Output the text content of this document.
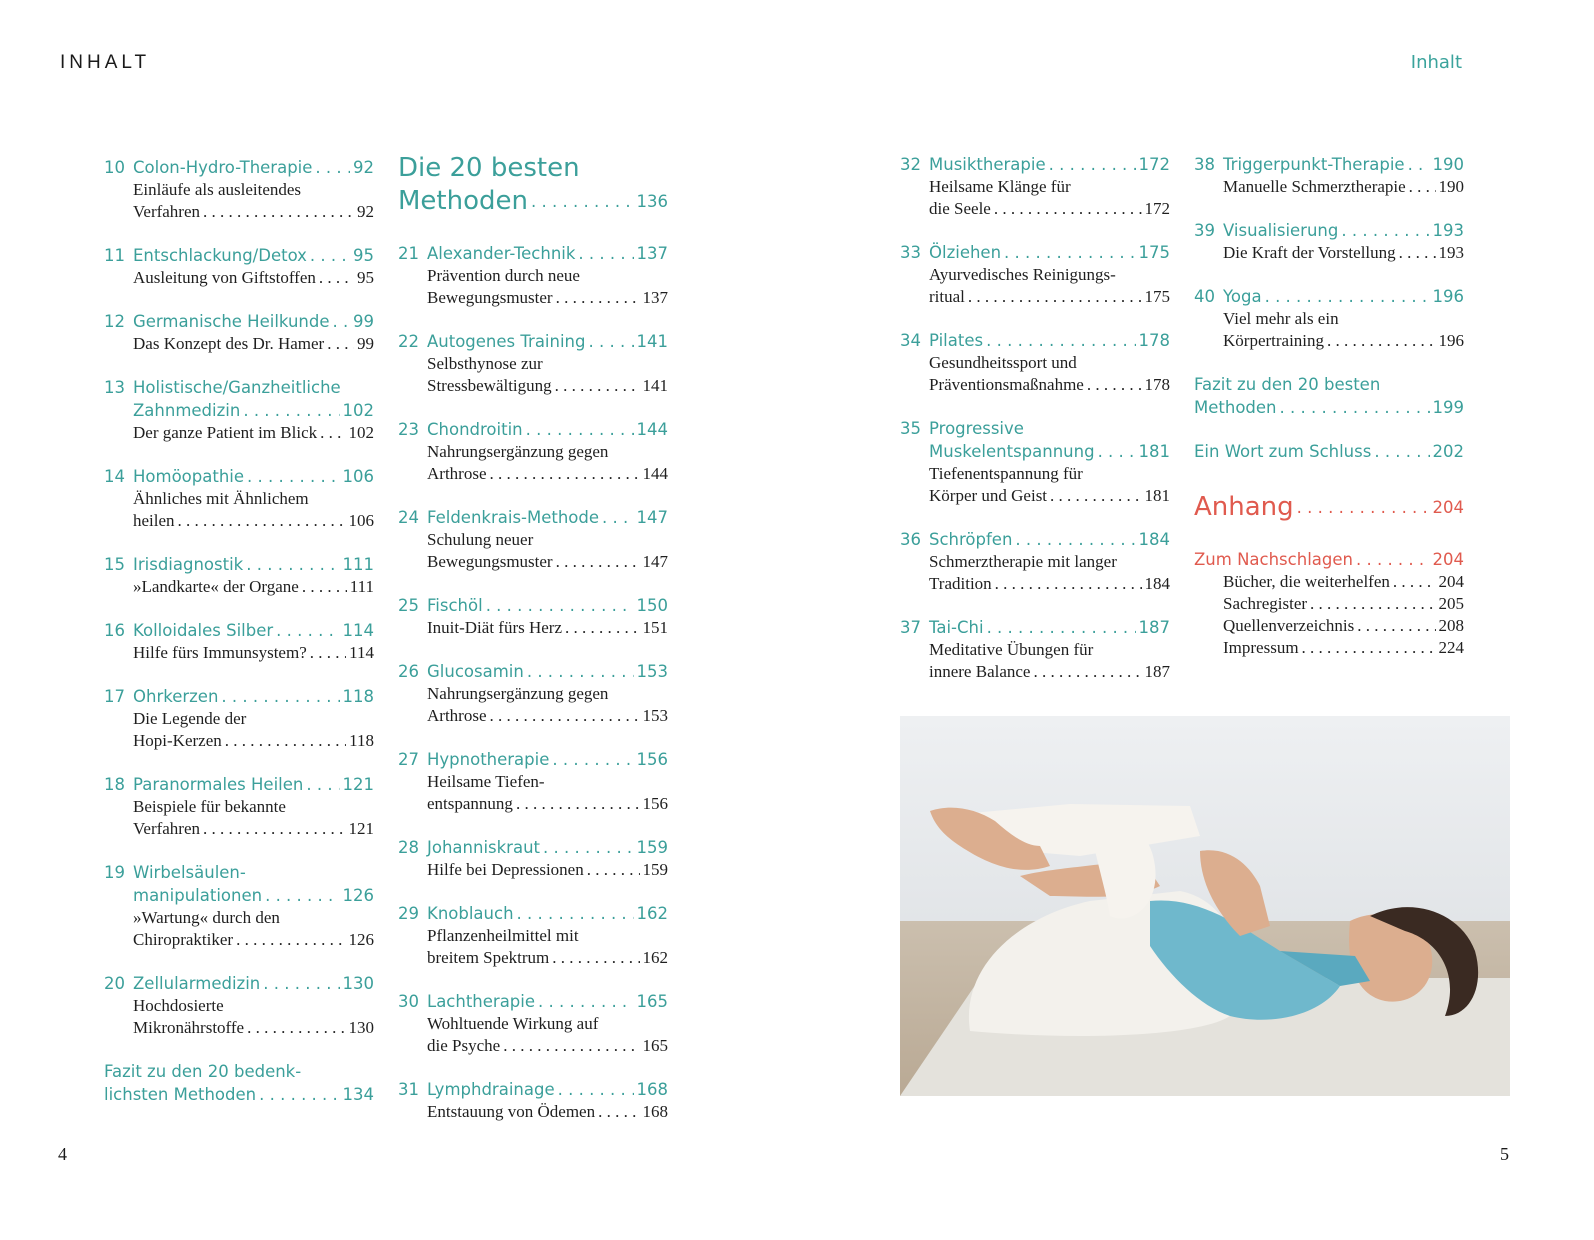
INHALT	Inhalt
10 Colon-Hydro-Therapie . . . 92
Einläufe als ausleitendes
Verfahren . . .	92
11 Entschlackung/Detox . . .	95
Ausleitung von Giftstoffen . . . 95
12 Germanische Heilkunde . . . 99
Das Konzept des Dr. Hamer . . . 99
13 Holistische/Ganzheitliche
Zahnmedizin . . .	102
Der ganze Patient im Blick . . . 102
14 Homöopathie . . .	106
Ähnliches mit Ähnlichem
heilen . . .	106
15 Irisdiagnostik . . .	111
»Landkarte« der Organe . . .	111
16 Kolloidales Silber . . .	114
Hilfe fürs Immunsystem? . . . 114
17 Ohrkerzen . . .	118
Die Legende der
Hopi-Kerzen . . .	118
18 Paranormales Heilen . . . 121
Beispiele für bekannte
Verfahren . . .	121
19 Wirbelsäulen-
manipulationen . . .	126
»Wartung« durch den
Chiropraktiker . . .	126
20 Zellularmedizin . . .	130
Hochdosierte
Mikronährstoffe . . .	130
Fazit zu den 20 bedenk-
lichsten Methoden . . .	134
Die 20 besten
Methoden . . .	136
21 Alexander-Technik . . .	137
Prävention durch neue
Bewegungsmuster . . .	137
22 Autogenes Training . . .	141
Selbsthynose zur
Stressbewältigung . . .	141
23 Chondroitin . . .	144
Nahrungsergänzung gegen
Arthrose . . .	144
24 Feldenkrais-Methode . . . 147
Schulung neuer
Bewegungsmuster . . .	147
25 Fischöl . . .	150
Inuit-Diät fürs Herz . . .	151
26 Glucosamin . . .	153
Nahrungsergänzung gegen
Arthrose . . .	153
27 Hypnotherapie . . .	156
Heilsame Tiefen-
entspannung . . .	156
28 Johanniskraut . . .	159
Hilfe bei Depressionen . . .	159
29 Knoblauch . . .	162
Pflanzenheilmittel mit
breitem Spektrum . . .	162
30 Lachtherapie . . .	165
Wohltuende Wirkung auf
die Psyche . . .	165
31 Lymphdrainage . . .	168
Entstauung von Ödemen . . .	168
32 Musiktherapie . . .	172
Heilsame Klänge für
die Seele . . .	172
33 Ölziehen . . .	175
Ayurvedisches Reinigungs-
ritual . . .	175
34 Pilates . . .	178
Gesundheitssport und
Präventionsmaßnahme . . .	178
35 Progressive
Muskelentspannung . . .	181
Tiefenentspannung für
Körper und Geist . . .	181
36 Schröpfen . . .	184
Schmerztherapie mit langer
Tradition . . .	184
37 Tai-Chi . . .	187
Meditative Übungen für
innere Balance . . .	187
38 Triggerpunkt-Therapie . . . 190
Manuelle Schmerztherapie . . . 190
39 Visualisierung . . .	193
Die Kraft der Vorstellung . . .	193
40 Yoga . . .	196
Viel mehr als ein
Körpertraining . . .	196
Fazit zu den 20 besten
Methoden . . .	199
Ein Wort zum Schluss . . .	202
Anhang . . .	204
Zum Nachschlagen . . .	204
Bücher, die weiterhelfen . . .	204
Sachregister . . .	205
Quellenverzeichnis . . .	208
Impressum . . .	224
4	5
